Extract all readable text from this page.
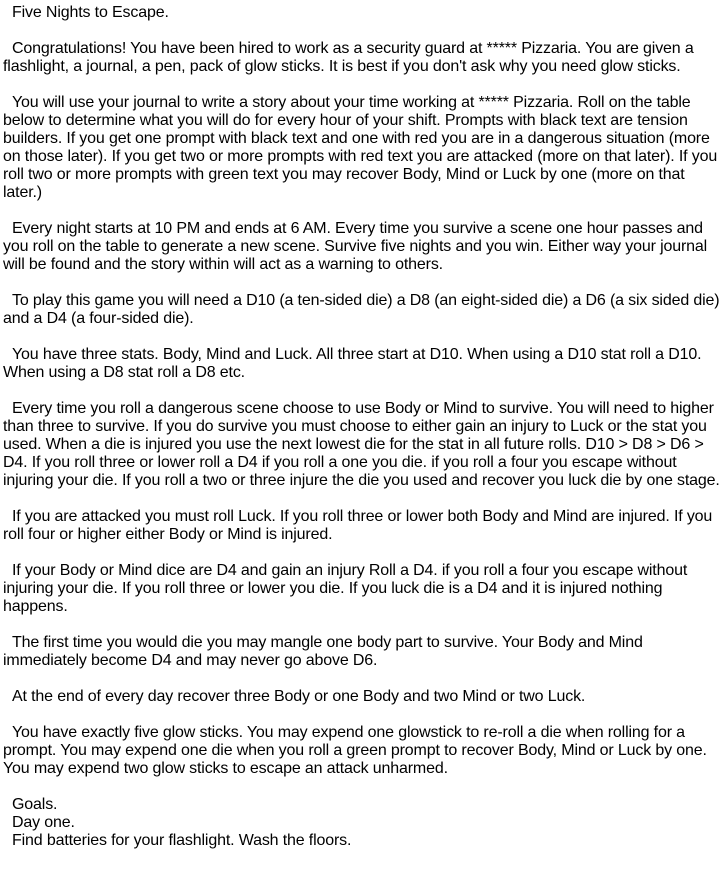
Five Nights to Escape.

Congratulations! You have been hired to work as a security guard at ***** Pizzaria. You are given a flashlight, a journal, a pen, pack of glow sticks. It is best if you don't ask why you need glow sticks.

You will use your journal to write a story about your time working at ***** Pizzaria. Roll on the table below to determine what you will do for every hour of your shift. Prompts with black text are tension builders. If you get one prompt with black text and one with red you are in a dangerous situation (more on those later). If you get two or more prompts with red text you are attacked (more on that later). If you roll two or more prompts with green text you may recover Body, Mind or Luck by one (more on that later.)

Every night starts at 10 PM and ends at 6 AM. Every time you survive a scene one hour passes and you roll on the table to generate a new scene. Survive five nights and you win. Either way your journal will be found and the story within will act as a warning to others.

To play this game you will need a D10 (a ten-sided die) a D8 (an eight-sided die) a D6 (a six sided die) and a D4 (a four-sided die).

You have three stats. Body, Mind and Luck. All three start at D10. When using a D10 stat roll a D10. When using a D8 stat roll a D8 etc.

Every time you roll a dangerous scene choose to use Body or Mind to survive. You will need to higher than three to survive. If you do survive you must choose to either gain an injury to Luck or the stat you used. When a die is injured you use the next lowest die for the stat in all future rolls. D10 > D8 > D6 > D4. If you roll three or lower roll a D4 if you roll a one you die. if you roll a four you escape without injuring your die. If you roll a two or three injure the die you used and recover you luck die by one stage.

If you are attacked you must roll Luck. If you roll three or lower both Body and Mind are injured. If you roll four or higher either Body or Mind is injured.

If your Body or Mind dice are D4 and gain an injury Roll a D4. if you roll a four you escape without injuring your die. If you roll three or lower you die. If you luck die is a D4 and it is injured nothing happens.

The first time you would die you may mangle one body part to survive. Your Body and Mind immediately become D4 and may never go above D6.

At the end of every day recover three Body or one Body and two Mind or two Luck.

You have exactly five glow sticks. You may expend one glowstick to re-roll a die when rolling for a prompt. You may expend one die when you roll a green prompt to recover Body, Mind or Luck by one. You may expend two glow sticks to escape an attack unharmed.

Goals.
Day one.
Find batteries for your flashlight. Wash the floors.
